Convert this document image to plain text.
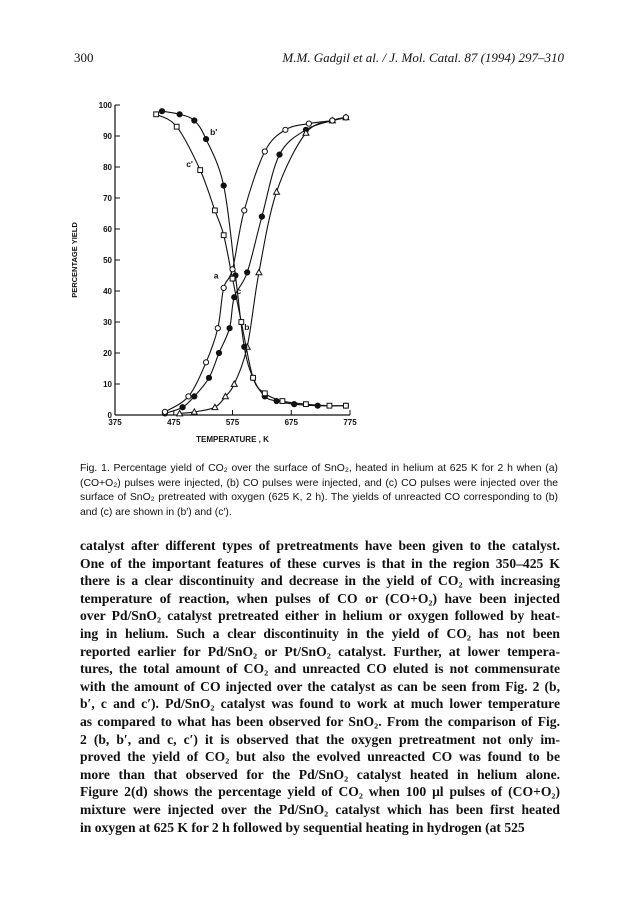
300	M.M. Gadgil et al. / J. Mol. Catal. 87 (1994) 297–310
0
10
20
30
40
50
60
70
80
90
100
375	475	575	675	775
TEMPERATURE , K
PERCENTAGE YIELD	a
b
c
b'
c'
Fig. 1. Percentage yield of CO₂ over the surface of SnO₂, heated in helium at 625 K for 2 h when (a) (CO+O₂) pulses were injected, (b) CO pulses were injected, and (c) CO pulses were injected over the surface of SnO₂ pretreated with oxygen (625 K, 2 h). The yields of unreacted CO corresponding to (b) and (c) are shown in (b′) and (c′).
catalyst after different types of pretreatments have been given to the catalyst.
One of the important features of these curves is that in the region 350–425 K
there is a clear discontinuity and decrease in the yield of CO₂ with increasing
temperature of reaction, when pulses of CO or (CO+O₂) have been injected
over Pd/SnO₂ catalyst pretreated either in helium or oxygen followed by heat-
ing in helium. Such a clear discontinuity in the yield of CO₂ has not been
reported earlier for Pd/SnO₂ or Pt/SnO₂ catalyst. Further, at lower tempera-
tures, the total amount of CO₂ and unreacted CO eluted is not commensurate
with the amount of CO injected over the catalyst as can be seen from Fig. 2 (b,
b′, c and c′). Pd/SnO₂ catalyst was found to work at much lower temperature
as compared to what has been observed for SnO₂. From the comparison of Fig.
2 (b, b′, and c, c′) it is observed that the oxygen pretreatment not only im-
proved the yield of CO₂ but also the evolved unreacted CO was found to be
more than that observed for the Pd/SnO₂ catalyst heated in helium alone.
Figure 2(d) shows the percentage yield of CO₂ when 100 μl pulses of (CO+O₂)
mixture were injected over the Pd/SnO₂ catalyst which has been first heated
in oxygen at 625 K for 2 h followed by sequential heating in hydrogen (at 525
